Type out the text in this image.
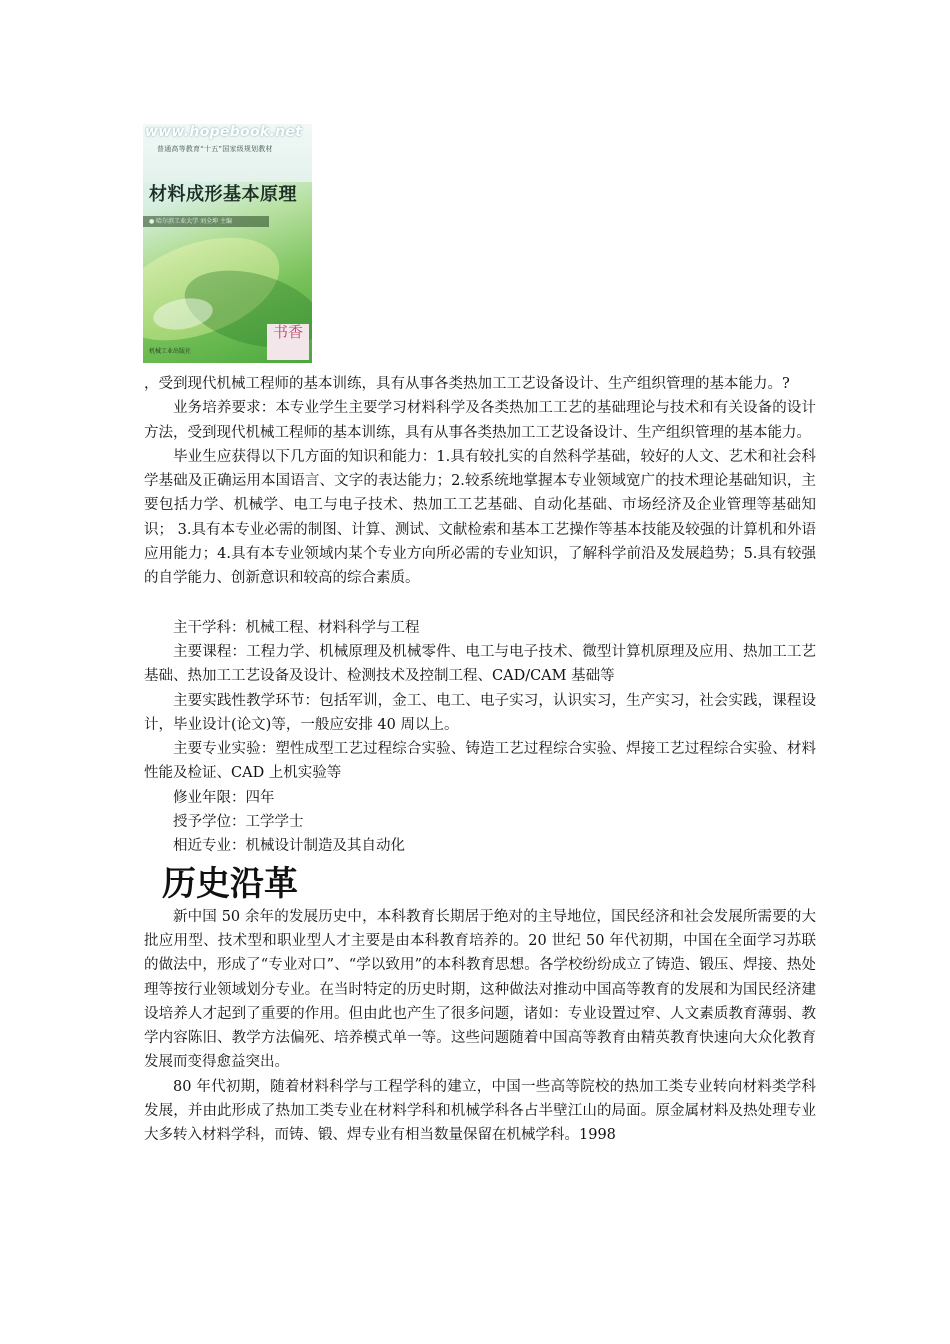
www.hopebook.net
普通高等教育“十五”国家级规划教材
材料成形基本原理
● 哈尔滨工业大学 刘全坤 主编
机械工业出版社
书香

，受到现代机械工程师的基本训练，具有从事各类热加工工艺设备设计、生产组织管理的基本能力。?

业务培养要求：本专业学生主要学习材料科学及各类热加工工艺的基础理论与技术和有关设备的设计方法，受到现代机械工程师的基本训练，具有从事各类热加工工艺设备设计、生产组织管理的基本能力。

毕业生应获得以下几方面的知识和能力：1.具有较扎实的自然科学基础，较好的人文、艺术和社会科学基础及正确运用本国语言、文字的表达能力；2.较系统地掌握本专业领域宽广的技术理论基础知识，主要包括力学、机械学、电工与电子技术、热加工工艺基础、自动化基础、市场经济及企业管理等基础知识； 3.具有本专业必需的制图、计算、测试、文献检索和基本工艺操作等基本技能及较强的计算机和外语应用能力；4.具有本专业领域内某个专业方向所必需的专业知识，了解科学前沿及发展趋势；5.具有较强的自学能力、创新意识和较高的综合素质。

主干学科：机械工程、材料科学与工程

主要课程：工程力学、机械原理及机械零件、电工与电子技术、微型计算机原理及应用、热加工工艺基础、热加工工艺设备及设计、检测技术及控制工程、CAD/CAM 基础等

主要实践性教学环节：包括军训，金工、电工、电子实习，认识实习，生产实习，社会实践，课程设计，毕业设计(论文)等，一般应安排 40 周以上。

主要专业实验：塑性成型工艺过程综合实验、铸造工艺过程综合实验、焊接工艺过程综合实验、材料性能及检证、CAD 上机实验等

修业年限：四年

授予学位：工学学士

相近专业：机械设计制造及其自动化

历史沿革

新中国 50 余年的发展历史中，本科教育长期居于绝对的主导地位，国民经济和社会发展所需要的大批应用型、技术型和职业型人才主要是由本科教育培养的。20 世纪 50 年代初期，中国在全面学习苏联的做法中，形成了“专业对口”、“学以致用”的本科教育思想。各学校纷纷成立了铸造、锻压、焊接、热处理等按行业领域划分专业。在当时特定的历史时期，这种做法对推动中国高等教育的发展和为国民经济建设培养人才起到了重要的作用。但由此也产生了很多问题，诸如：专业设置过窄、人文素质教育薄弱、教学内容陈旧、教学方法偏死、培养模式单一等。这些问题随着中国高等教育由精英教育快速向大众化教育发展而变得愈益突出。

80 年代初期，随着材料科学与工程学科的建立，中国一些高等院校的热加工类专业转向材料类学科发展，并由此形成了热加工类专业在材料学科和机械学科各占半壁江山的局面。原金属材料及热处理专业大多转入材料学科，而铸、锻、焊专业有相当数量保留在机械学科。1998
